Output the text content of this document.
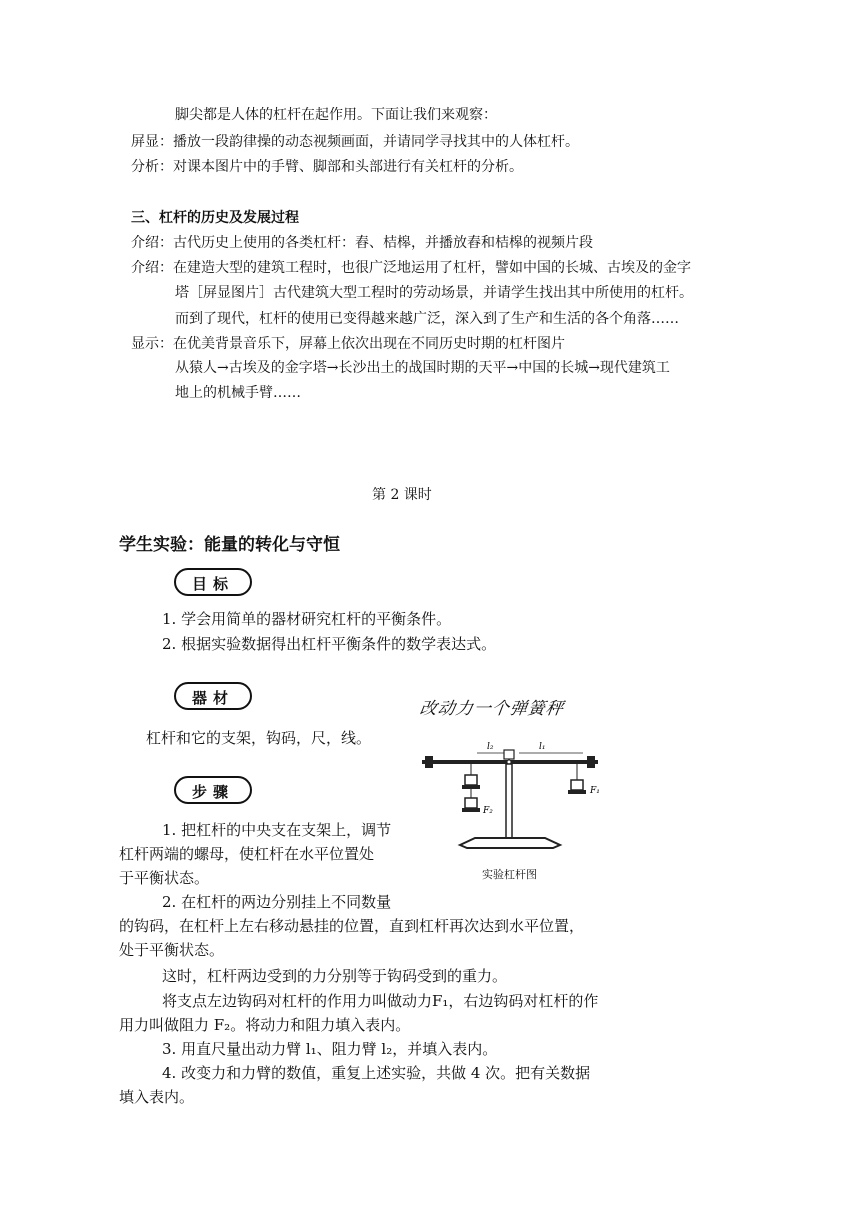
脚尖都是人体的杠杆在起作用。下面让我们来观察：
屏显：播放一段韵律操的动态视频画面，并请同学寻找其中的人体杠杆。
分析：对课本图片中的手臂、脚部和头部进行有关杠杆的分析。
三、杠杆的历史及发展过程
介绍：古代历史上使用的各类杠杆：舂、桔槔，并播放舂和桔槔的视频片段
介绍：在建造大型的建筑工程时，也很广泛地运用了杠杆，譬如中国的长城、古埃及的金字
塔［屏显图片］古代建筑大型工程时的劳动场景，并请学生找出其中所使用的杠杆。
而到了现代，杠杆的使用已变得越来越广泛，深入到了生产和生活的各个角落……
显示：在优美背景音乐下，屏幕上依次出现在不同历史时期的杠杆图片
从猿人→古埃及的金字塔→长沙出土的战国时期的天平→中国的长城→现代建筑工
地上的机械手臂……
第 2 课时
学生实验：能量的转化与守恒
目标
1. 学会用简单的器材研究杠杆的平衡条件。
2. 根据实验数据得出杠杆平衡条件的数学表达式。
器材
杠杆和它的支架，钩码，尺，线。
步骤
1. 把杠杆的中央支在支架上，调节
杠杆两端的螺母，使杠杆在水平位置处
于平衡状态。
2. 在杠杆的两边分别挂上不同数量
的钩码，在杠杆上左右移动悬挂的位置，直到杠杆再次达到水平位置，
处于平衡状态。
这时，杠杆两边受到的力分别等于钩码受到的重力。
将支点左边钩码对杠杆的作用力叫做动力F₁，右边钩码对杠杆的作
用力叫做阻力 F₂。将动力和阻力填入表内。
3. 用直尺量出动力臂 l₁、阻力臂 l₂，并填入表内。
4. 改变力和力臂的数值，重复上述实验，共做 4 次。把有关数据
填入表内。
改动力一个弹簧秤
l₂	l₁
F₂
F₁
实验杠杆图
